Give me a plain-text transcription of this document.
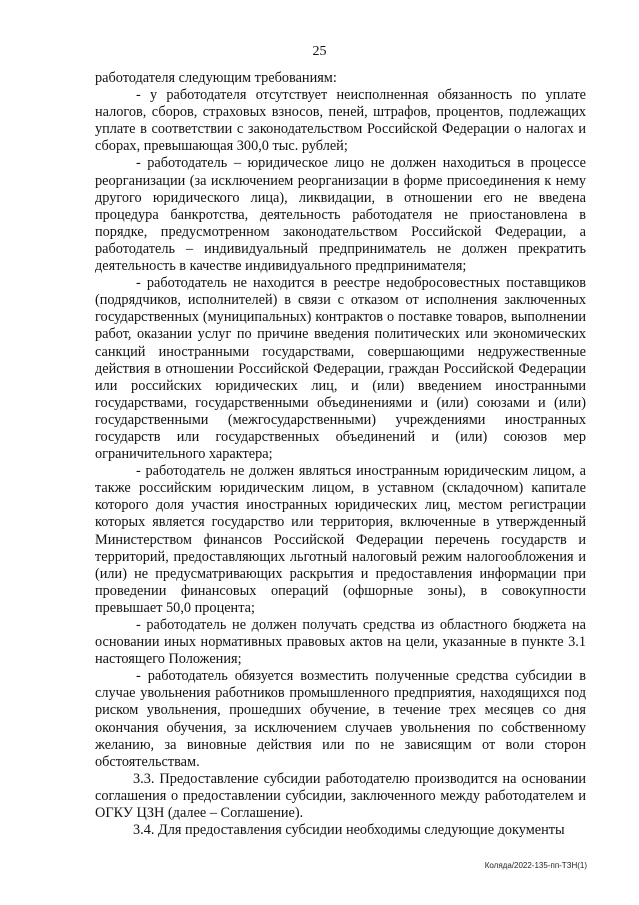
25

работодателя следующим требованиям:

- у работодателя отсутствует неисполненная обязанность по уплате налогов, сборов, страховых взносов, пеней, штрафов, процентов, подлежащих уплате в соответствии с законодательством Российской Федерации о налогах и сборах, превышающая 300,0 тыс. рублей;

- работодатель – юридическое лицо не должен находиться в процессе реорганизации (за исключением реорганизации в форме присоединения к нему другого юридического лица), ликвидации, в отношении его не введена процедура банкротства, деятельность работодателя не приостановлена в порядке, предусмотренном законодательством Российской Федерации, а работодатель – индивидуальный предприниматель не должен прекратить деятельность в качестве индивидуального предпринимателя;

- работодатель не находится в реестре недобросовестных поставщиков (подрядчиков, исполнителей) в связи с отказом от исполнения заключенных государственных (муниципальных) контрактов о поставке товаров, выполнении работ, оказании услуг по причине введения политических или экономических санкций иностранными государствами, совершающими недружественные действия в отношении Российской Федерации, граждан Российской Федерации или российских юридических лиц, и (или) введением иностранными государствами, государственными объединениями и (или) союзами и (или) государственными (межгосударственными) учреждениями иностранных государств или государственных объединений и (или) союзов мер ограничительного характера;

- работодатель не должен являться иностранным юридическим лицом, а также российским юридическим лицом, в уставном (складочном) капитале которого доля участия иностранных юридических лиц, местом регистрации которых является государство или территория, включенные в утвержденный Министерством финансов Российской Федерации перечень государств и территорий, предоставляющих льготный налоговый режим налогообложения и (или) не предусматривающих раскрытия и предоставления информации при проведении финансовых операций (офшорные зоны), в совокупности превышает 50,0 процента;

- работодатель не должен получать средства из областного бюджета на основании иных нормативных правовых актов на цели, указанные в пункте 3.1 настоящего Положения;

- работодатель обязуется возместить полученные средства субсидии в случае увольнения работников промышленного предприятия, находящихся под риском увольнения, прошедших обучение, в течение трех месяцев со дня окончания обучения, за исключением случаев увольнения по собственному желанию, за виновные действия или по не зависящим от воли сторон обстоятельствам.

3.3. Предоставление субсидии работодателю производится на основании соглашения о предоставлении субсидии, заключенного между работодателем и ОГКУ ЦЗН (далее – Соглашение).

3.4. Для предоставления субсидии необходимы следующие документы

Коляда/2022-135-пп-ТЗН(1)
